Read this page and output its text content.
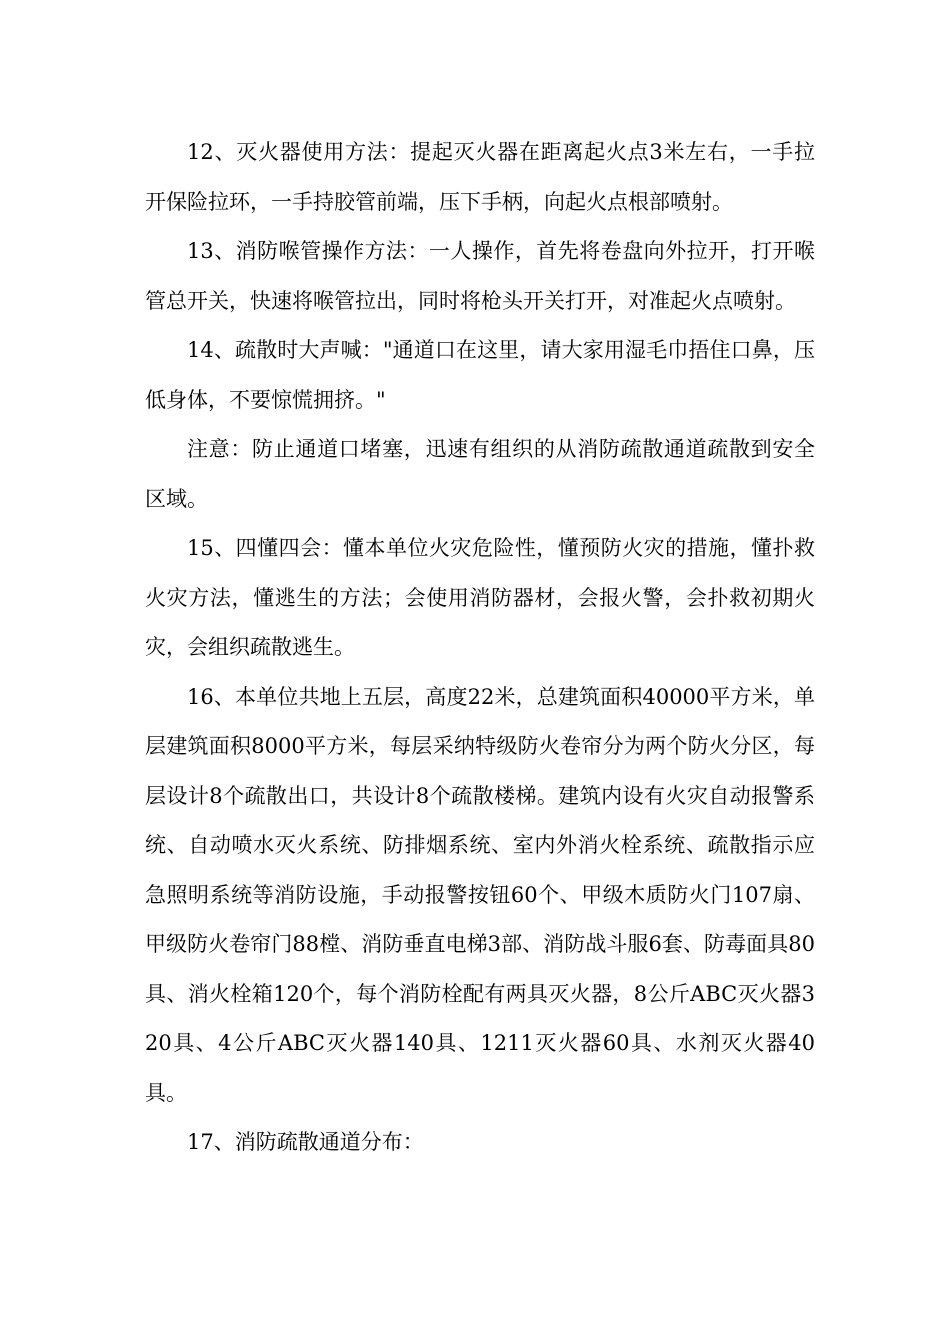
12、灭火器使用方法：提起灭火器在距离起火点3米左右，一手拉开保险拉环，一手持胶管前端，压下手柄，向起火点根部喷射。

13、消防喉管操作方法：一人操作，首先将卷盘向外拉开，打开喉管总开关，快速将喉管拉出，同时将枪头开关打开，对准起火点喷射。

14、疏散时大声喊："通道口在这里，请大家用湿毛巾捂住口鼻，压低身体，不要惊慌拥挤。"

注意：防止通道口堵塞，迅速有组织的从消防疏散通道疏散到安全区域。

15、四懂四会：懂本单位火灾危险性，懂预防火灾的措施，懂扑救火灾方法，懂逃生的方法；会使用消防器材，会报火警，会扑救初期火灾，会组织疏散逃生。

16、本单位共地上五层，高度22米，总建筑面积40000平方米，单层建筑面积8000平方米，每层采纳特级防火卷帘分为两个防火分区，每层设计8个疏散出口，共设计8个疏散楼梯。建筑内设有火灾自动报警系统、自动喷水灭火系统、防排烟系统、室内外消火栓系统、疏散指示应急照明系统等消防设施，手动报警按钮60个、甲级木质防火门107扇、甲级防火卷帘门88樘、消防垂直电梯3部、消防战斗服6套、防毒面具80具、消火栓箱120个，每个消防栓配有两具灭火器，8公斤ABC灭火器320具、4公斤ABC灭火器140具、1211灭火器60具、水剂灭火器40具。

17、消防疏散通道分布：
